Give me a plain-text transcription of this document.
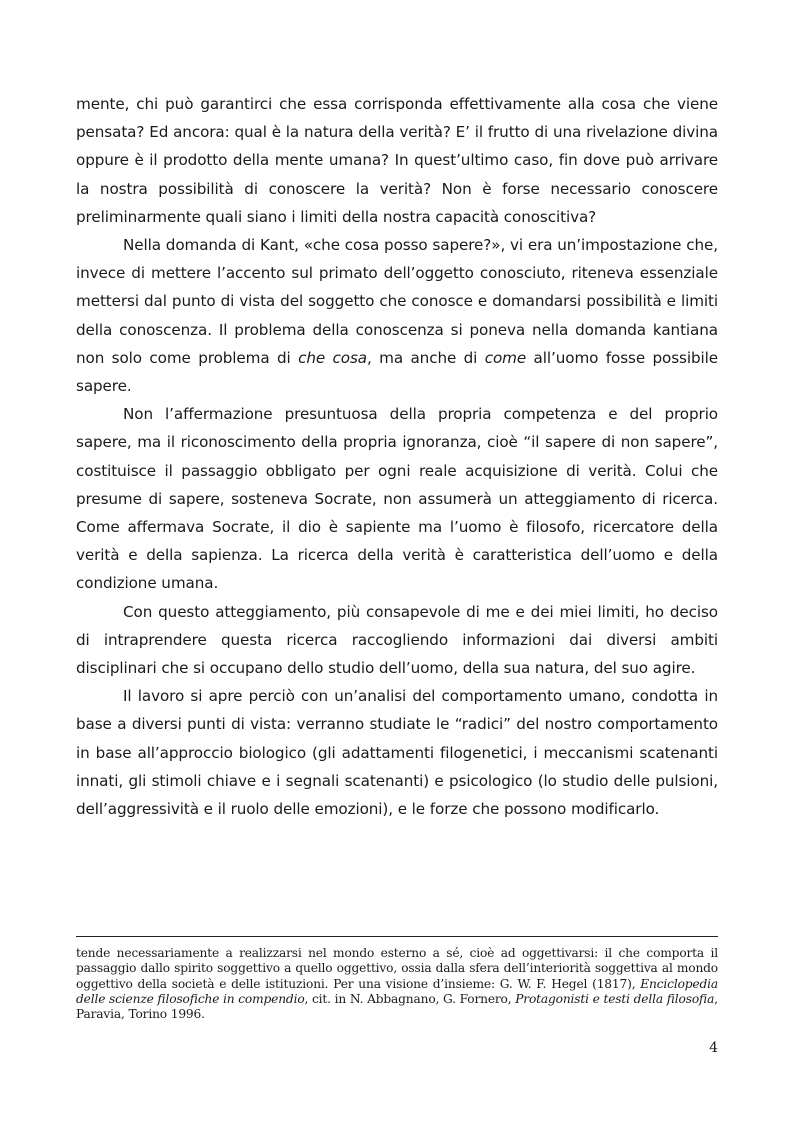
mente, chi può garantirci che essa corrisponda effettivamente alla cosa che viene pensata? Ed ancora: qual è la natura della verità? E’ il frutto di una rivelazione divina oppure è il prodotto della mente umana? In quest’ultimo caso, fin dove può arrivare la nostra possibilità di conoscere la verità? Non è forse necessario conoscere preliminarmente quali siano i limiti della nostra capacità conoscitiva?

Nella domanda di Kant, «che cosa posso sapere?», vi era un’impostazione che, invece di mettere l’accento sul primato dell’oggetto conosciuto, riteneva essenziale mettersi dal punto di vista del soggetto che conosce e domandarsi possibilità e limiti della conoscenza. Il problema della conoscenza si poneva nella domanda kantiana non solo come problema di che cosa, ma anche di come all’uomo fosse possibile sapere.

Non l’affermazione presuntuosa della propria competenza e del proprio sapere, ma il riconoscimento della propria ignoranza, cioè “il sapere di non sapere”, costituisce il passaggio obbligato per ogni reale acquisizione di verità. Colui che presume di sapere, sosteneva Socrate, non assumerà un atteggiamento di ricerca. Come affermava Socrate, il dio è sapiente ma l’uomo è filosofo, ricercatore della verità e della sapienza. La ricerca della verità è caratteristica dell’uomo e della condizione umana.

Con questo atteggiamento, più consapevole di me e dei miei limiti, ho deciso di intraprendere questa ricerca raccogliendo informazioni dai diversi ambiti disciplinari che si occupano dello studio dell’uomo, della sua natura, del suo agire.

Il lavoro si apre perciò con un’analisi del comportamento umano, condotta in base a diversi punti di vista: verranno studiate le “radici” del nostro comportamento in base all’approccio biologico (gli adattamenti filogenetici, i meccanismi scatenanti innati, gli stimoli chiave e i segnali scatenanti) e psicologico (lo studio delle pulsioni, dell’aggressività e il ruolo delle emozioni), e le forze che possono modificarlo.

tende necessariamente a realizzarsi nel mondo esterno a sé, cioè ad oggettivarsi: il che comporta il passaggio dallo spirito soggettivo a quello oggettivo, ossia dalla sfera dell’interiorità soggettiva al mondo oggettivo della società e delle istituzioni. Per una visione d’insieme: G. W. F. Hegel (1817), Enciclopedia delle scienze filosofiche in compendio, cit. in N. Abbagnano, G. Fornero, Protagonisti e testi della filosofia, Paravia, Torino 1996.
4
